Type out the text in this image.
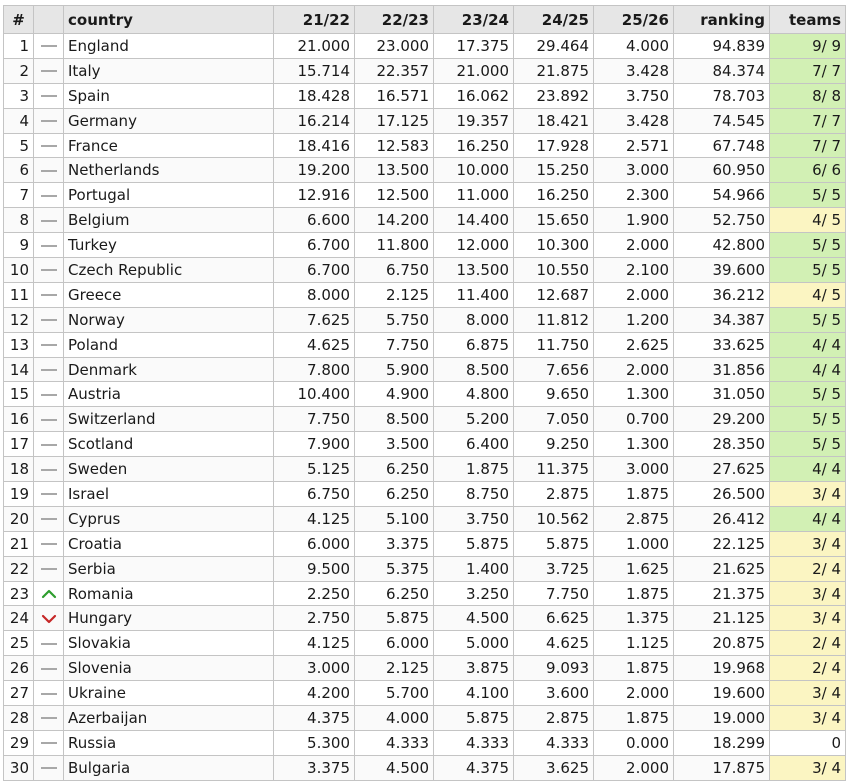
#		country	21/22	22/23	23/24	24/25	25/26	ranking	teams
1		England	21.000	23.000	17.375	29.464	4.000	94.839	9/ 9
2		Italy	15.714	22.357	21.000	21.875	3.428	84.374	7/ 7
3		Spain	18.428	16.571	16.062	23.892	3.750	78.703	8/ 8
4		Germany	16.214	17.125	19.357	18.421	3.428	74.545	7/ 7
5		France	18.416	12.583	16.250	17.928	2.571	67.748	7/ 7
6		Netherlands	19.200	13.500	10.000	15.250	3.000	60.950	6/ 6
7		Portugal	12.916	12.500	11.000	16.250	2.300	54.966	5/ 5
8		Belgium	6.600	14.200	14.400	15.650	1.900	52.750	4/ 5
9		Turkey	6.700	11.800	12.000	10.300	2.000	42.800	5/ 5
10		Czech Republic	6.700	6.750	13.500	10.550	2.100	39.600	5/ 5
11		Greece	8.000	2.125	11.400	12.687	2.000	36.212	4/ 5
12		Norway	7.625	5.750	8.000	11.812	1.200	34.387	5/ 5
13		Poland	4.625	7.750	6.875	11.750	2.625	33.625	4/ 4
14		Denmark	7.800	5.900	8.500	7.656	2.000	31.856	4/ 4
15		Austria	10.400	4.900	4.800	9.650	1.300	31.050	5/ 5
16		Switzerland	7.750	8.500	5.200	7.050	0.700	29.200	5/ 5
17		Scotland	7.900	3.500	6.400	9.250	1.300	28.350	5/ 5
18		Sweden	5.125	6.250	1.875	11.375	3.000	27.625	4/ 4
19		Israel	6.750	6.250	8.750	2.875	1.875	26.500	3/ 4
20		Cyprus	4.125	5.100	3.750	10.562	2.875	26.412	4/ 4
21		Croatia	6.000	3.375	5.875	5.875	1.000	22.125	3/ 4
22		Serbia	9.500	5.375	1.400	3.725	1.625	21.625	2/ 4
23		Romania	2.250	6.250	3.250	7.750	1.875	21.375	3/ 4
24		Hungary	2.750	5.875	4.500	6.625	1.375	21.125	3/ 4
25		Slovakia	4.125	6.000	5.000	4.625	1.125	20.875	2/ 4
26		Slovenia	3.000	2.125	3.875	9.093	1.875	19.968	2/ 4
27		Ukraine	4.200	5.700	4.100	3.600	2.000	19.600	3/ 4
28		Azerbaijan	4.375	4.000	5.875	2.875	1.875	19.000	3/ 4
29		Russia	5.300	4.333	4.333	4.333	0.000	18.299	0
30		Bulgaria	3.375	4.500	4.375	3.625	2.000	17.875	3/ 4
